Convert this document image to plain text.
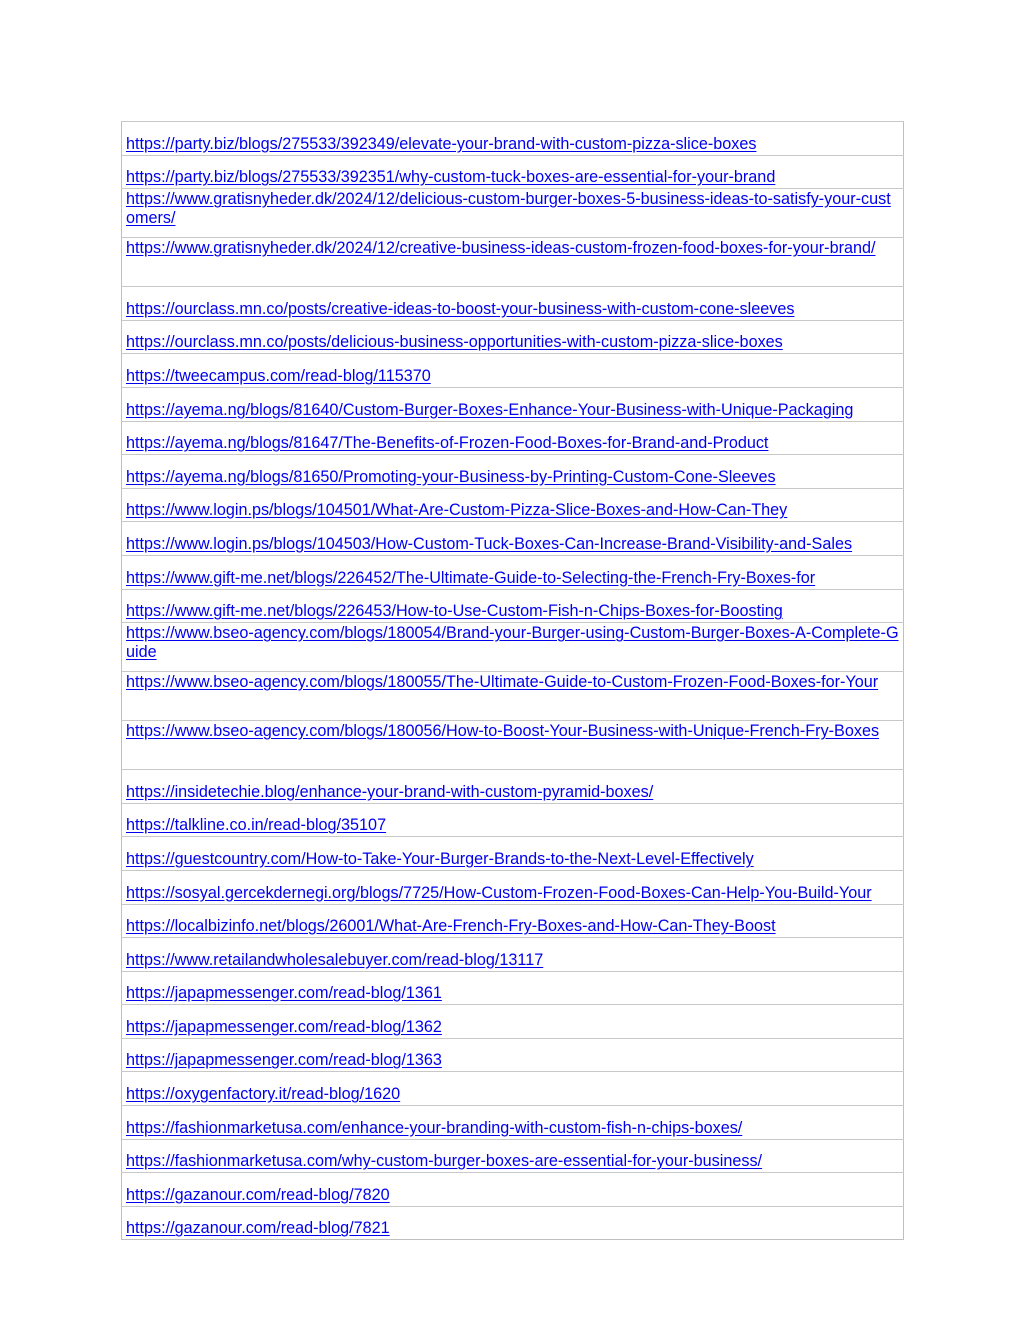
https://party.biz/blogs/275533/392349/elevate-your-brand-with-custom-pizza-slice-boxes
https://party.biz/blogs/275533/392351/why-custom-tuck-boxes-are-essential-for-your-brand
https://www.gratisnyheder.dk/2024/12/delicious-custom-burger-boxes-5-business-ideas-to-satisfy-your-customers/
https://www.gratisnyheder.dk/2024/12/creative-business-ideas-custom-frozen-food-boxes-for-your-brand/
https://ourclass.mn.co/posts/creative-ideas-to-boost-your-business-with-custom-cone-sleeves
https://ourclass.mn.co/posts/delicious-business-opportunities-with-custom-pizza-slice-boxes
https://tweecampus.com/read-blog/115370
https://ayema.ng/blogs/81640/Custom-Burger-Boxes-Enhance-Your-Business-with-Unique-Packaging
https://ayema.ng/blogs/81647/The-Benefits-of-Frozen-Food-Boxes-for-Brand-and-Product
https://ayema.ng/blogs/81650/Promoting-your-Business-by-Printing-Custom-Cone-Sleeves
https://www.login.ps/blogs/104501/What-Are-Custom-Pizza-Slice-Boxes-and-How-Can-They
https://www.login.ps/blogs/104503/How-Custom-Tuck-Boxes-Can-Increase-Brand-Visibility-and-Sales
https://www.gift-me.net/blogs/226452/The-Ultimate-Guide-to-Selecting-the-French-Fry-Boxes-for
https://www.gift-me.net/blogs/226453/How-to-Use-Custom-Fish-n-Chips-Boxes-for-Boosting
https://www.bseo-agency.com/blogs/180054/Brand-your-Burger-using-Custom-Burger-Boxes-A-Complete-Guide
https://www.bseo-agency.com/blogs/180055/The-Ultimate-Guide-to-Custom-Frozen-Food-Boxes-for-Your
https://www.bseo-agency.com/blogs/180056/How-to-Boost-Your-Business-with-Unique-French-Fry-Boxes
https://insidetechie.blog/enhance-your-brand-with-custom-pyramid-boxes/
https://talkline.co.in/read-blog/35107
https://guestcountry.com/How-to-Take-Your-Burger-Brands-to-the-Next-Level-Effectively
https://sosyal.gercekdernegi.org/blogs/7725/How-Custom-Frozen-Food-Boxes-Can-Help-You-Build-Your
https://localbizinfo.net/blogs/26001/What-Are-French-Fry-Boxes-and-How-Can-They-Boost
https://www.retailandwholesalebuyer.com/read-blog/13117
https://japapmessenger.com/read-blog/1361
https://japapmessenger.com/read-blog/1362
https://japapmessenger.com/read-blog/1363
https://oxygenfactory.it/read-blog/1620
https://fashionmarketusa.com/enhance-your-branding-with-custom-fish-n-chips-boxes/
https://fashionmarketusa.com/why-custom-burger-boxes-are-essential-for-your-business/
https://gazanour.com/read-blog/7820
https://gazanour.com/read-blog/7821
